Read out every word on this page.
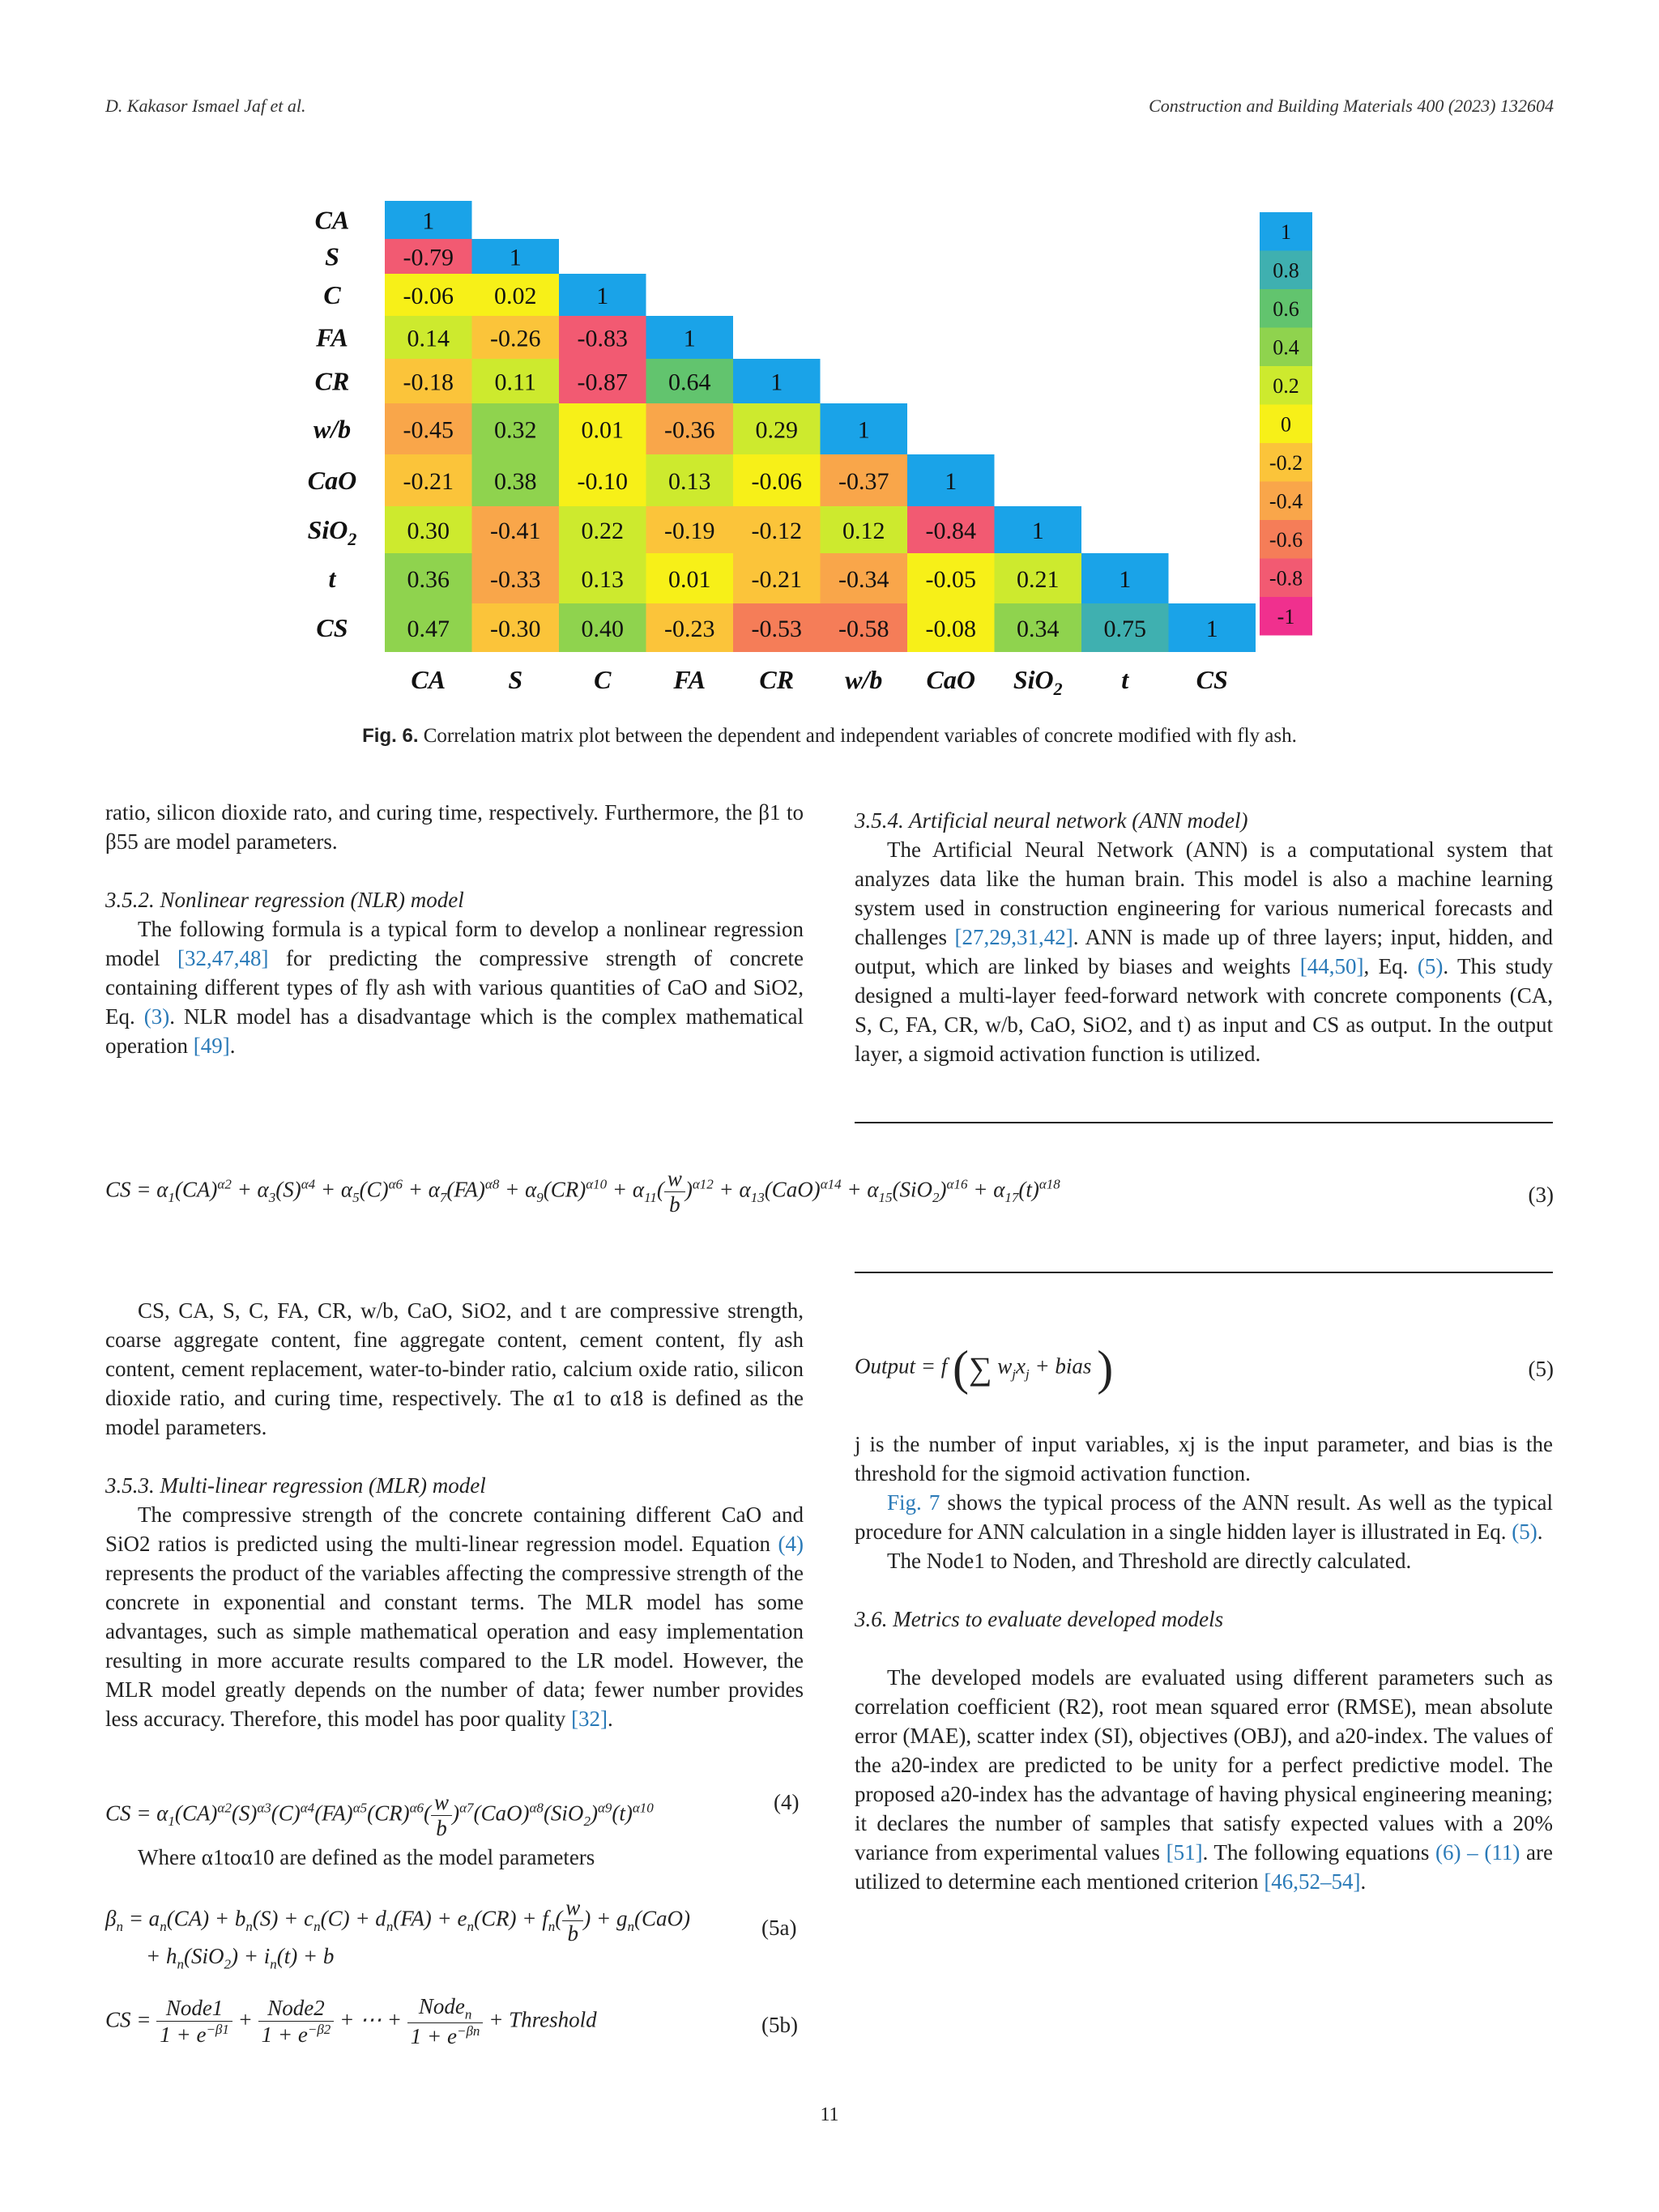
D. Kakasor Ismael Jaf et al.	Construction and Building Materials 400 (2023) 132604
CA	1
S	-0.79 1
C	-0.06 0.02 1
FA 0.14 -0.26 -0.83 1
CR -0.18 0.11 -0.87 0.64 1
w/b -0.45 0.32 0.01 -0.36 0.29 1
CaO -0.21 0.38 -0.10 0.13 -0.06 -0.37 1
SiO$_2$ 0.30 -0.41 0.22 -0.19 -0.12 0.12 -0.84 1
t	0.36 -0.33 0.13 0.01 -0.21 -0.34 -0.05 0.21 1
CS 0.47 -0.30 0.40 -0.23 -0.53 -0.58 -0.08 0.34 0.75 1
CA S	C FA CR w/b CaO SiO$_2$ t	CS
1
0.8
0.6
0.4
0.2
0
-0.2
-0.4
-0.6
-0.8
-1
Fig. 6. Correlation matrix plot between the dependent and independent variables of concrete modified with fly ash.

ratio, silicon dioxide rato, and curing time, respectively. Furthermore, the β1 to β55 are model parameters.

3.5.2. Nonlinear regression (NLR) model

The following formula is a typical form to develop a nonlinear regression model [32,47,48] for predicting the compressive strength of concrete containing different types of fly ash with various quantities of CaO and SiO2, Eq. (3). NLR model has a disadvantage which is the complex mathematical operation [49].

3.5.4. Artificial neural network (ANN model)

The Artificial Neural Network (ANN) is a computational system that analyzes data like the human brain. This model is also a machine learning system used in construction engineering for various numerical forecasts and challenges [27,29,31,42]. ANN is made up of three layers; input, hidden, and output, which are linked by biases and weights [44,50], Eq. (5). This study designed a multi-layer feed-forward network with concrete components (CA, S, C, FA, CR, w/b, CaO, SiO2, and t) as input and CS as output. In the output layer, a sigmoid activation function is utilized.

CS = $\alpha_1(CA)^{\alpha 2} + \alpha_3(S)^{\alpha 4} + \alpha_5(C)^{\alpha 6} + \alpha_7(FA)^{\alpha 8} + \alpha_9(CR)^{\alpha 10} + \alpha_{11}( \frac{w}{b} )^{\alpha 12} + \alpha_{13}(CaO)^{\alpha 14} + \alpha_{15}(SiO_2)^{\alpha 16} + \alpha_{17}(t)^{\alpha 18}$	(3)

CS, CA, S, C, FA, CR, w/b, CaO, SiO2, and t are compressive strength, coarse aggregate content, fine aggregate content, cement content, fly ash content, cement replacement, water-to-binder ratio, calcium oxide ratio, silicon dioxide ratio, and curing time, respectively. The α1 to α18 is defined as the model parameters.

3.5.3. Multi-linear regression (MLR) model

The compressive strength of the concrete containing different CaO and SiO2 ratios is predicted using the multi-linear regression model. Equation (4) represents the product of the variables affecting the compressive strength of the concrete in exponential and constant terms. The MLR model has some advantages, such as simple mathematical operation and easy implementation resulting in more accurate results compared to the LR model. However, the MLR model greatly depends on the number of data; fewer number provides less accuracy. Therefore, this model has poor quality [32].

CS = $\alpha_1(CA)^{\alpha 2}(S)^{\alpha 3}(C)^{\alpha 4}(FA)^{\alpha 5}(CR)^{\alpha 6}( \frac{w}{b} )^{\alpha 7}(CaO)^{\alpha 8}(SiO_2)^{\alpha 9}(t)^{\alpha 10}$	(4)

Where α1toα10 are defined as the model parameters

$\beta_n = a_n(CA) + b_n(S) + c_n(C) + d_n(FA) + e_n(CR) + f_n( \frac{w}{b}$ ) + $g_n(CaO)$
+ $h_n(SiO_2) + i_n(t) + b$
(5a)
CS = $\frac{\text{Node1}}{1 + e^{-\beta 1}} + \frac{\text{Node2}}{1 + e^{-\beta 2}}$ + ⋯ + $\frac{Node_n}{1 + e^{-\beta n}}$ + Threshold	(5b)
Output = f (∑ $w_jx_j$ + bias )	(5)

j is the number of input variables, xj is the input parameter, and bias is the threshold for the sigmoid activation function.

Fig. 7 shows the typical process of the ANN result. As well as the typical procedure for ANN calculation in a single hidden layer is illustrated in Eq. (5).

The Node1 to Noden, and Threshold are directly calculated.

3.6. Metrics to evaluate developed models

The developed models are evaluated using different parameters such as correlation coefficient (R2), root mean squared error (RMSE), mean absolute error (MAE), scatter index (SI), objectives (OBJ), and a20-index. The values of the a20-index are predicted to be unity for a perfect predictive model. The proposed a20-index has the advantage of having physical engineering meaning; it declares the number of samples that satisfy expected values with a 20% variance from experimental values [51]. The following equations (6) – (11) are utilized to determine each mentioned criterion [46,52–54].

11
